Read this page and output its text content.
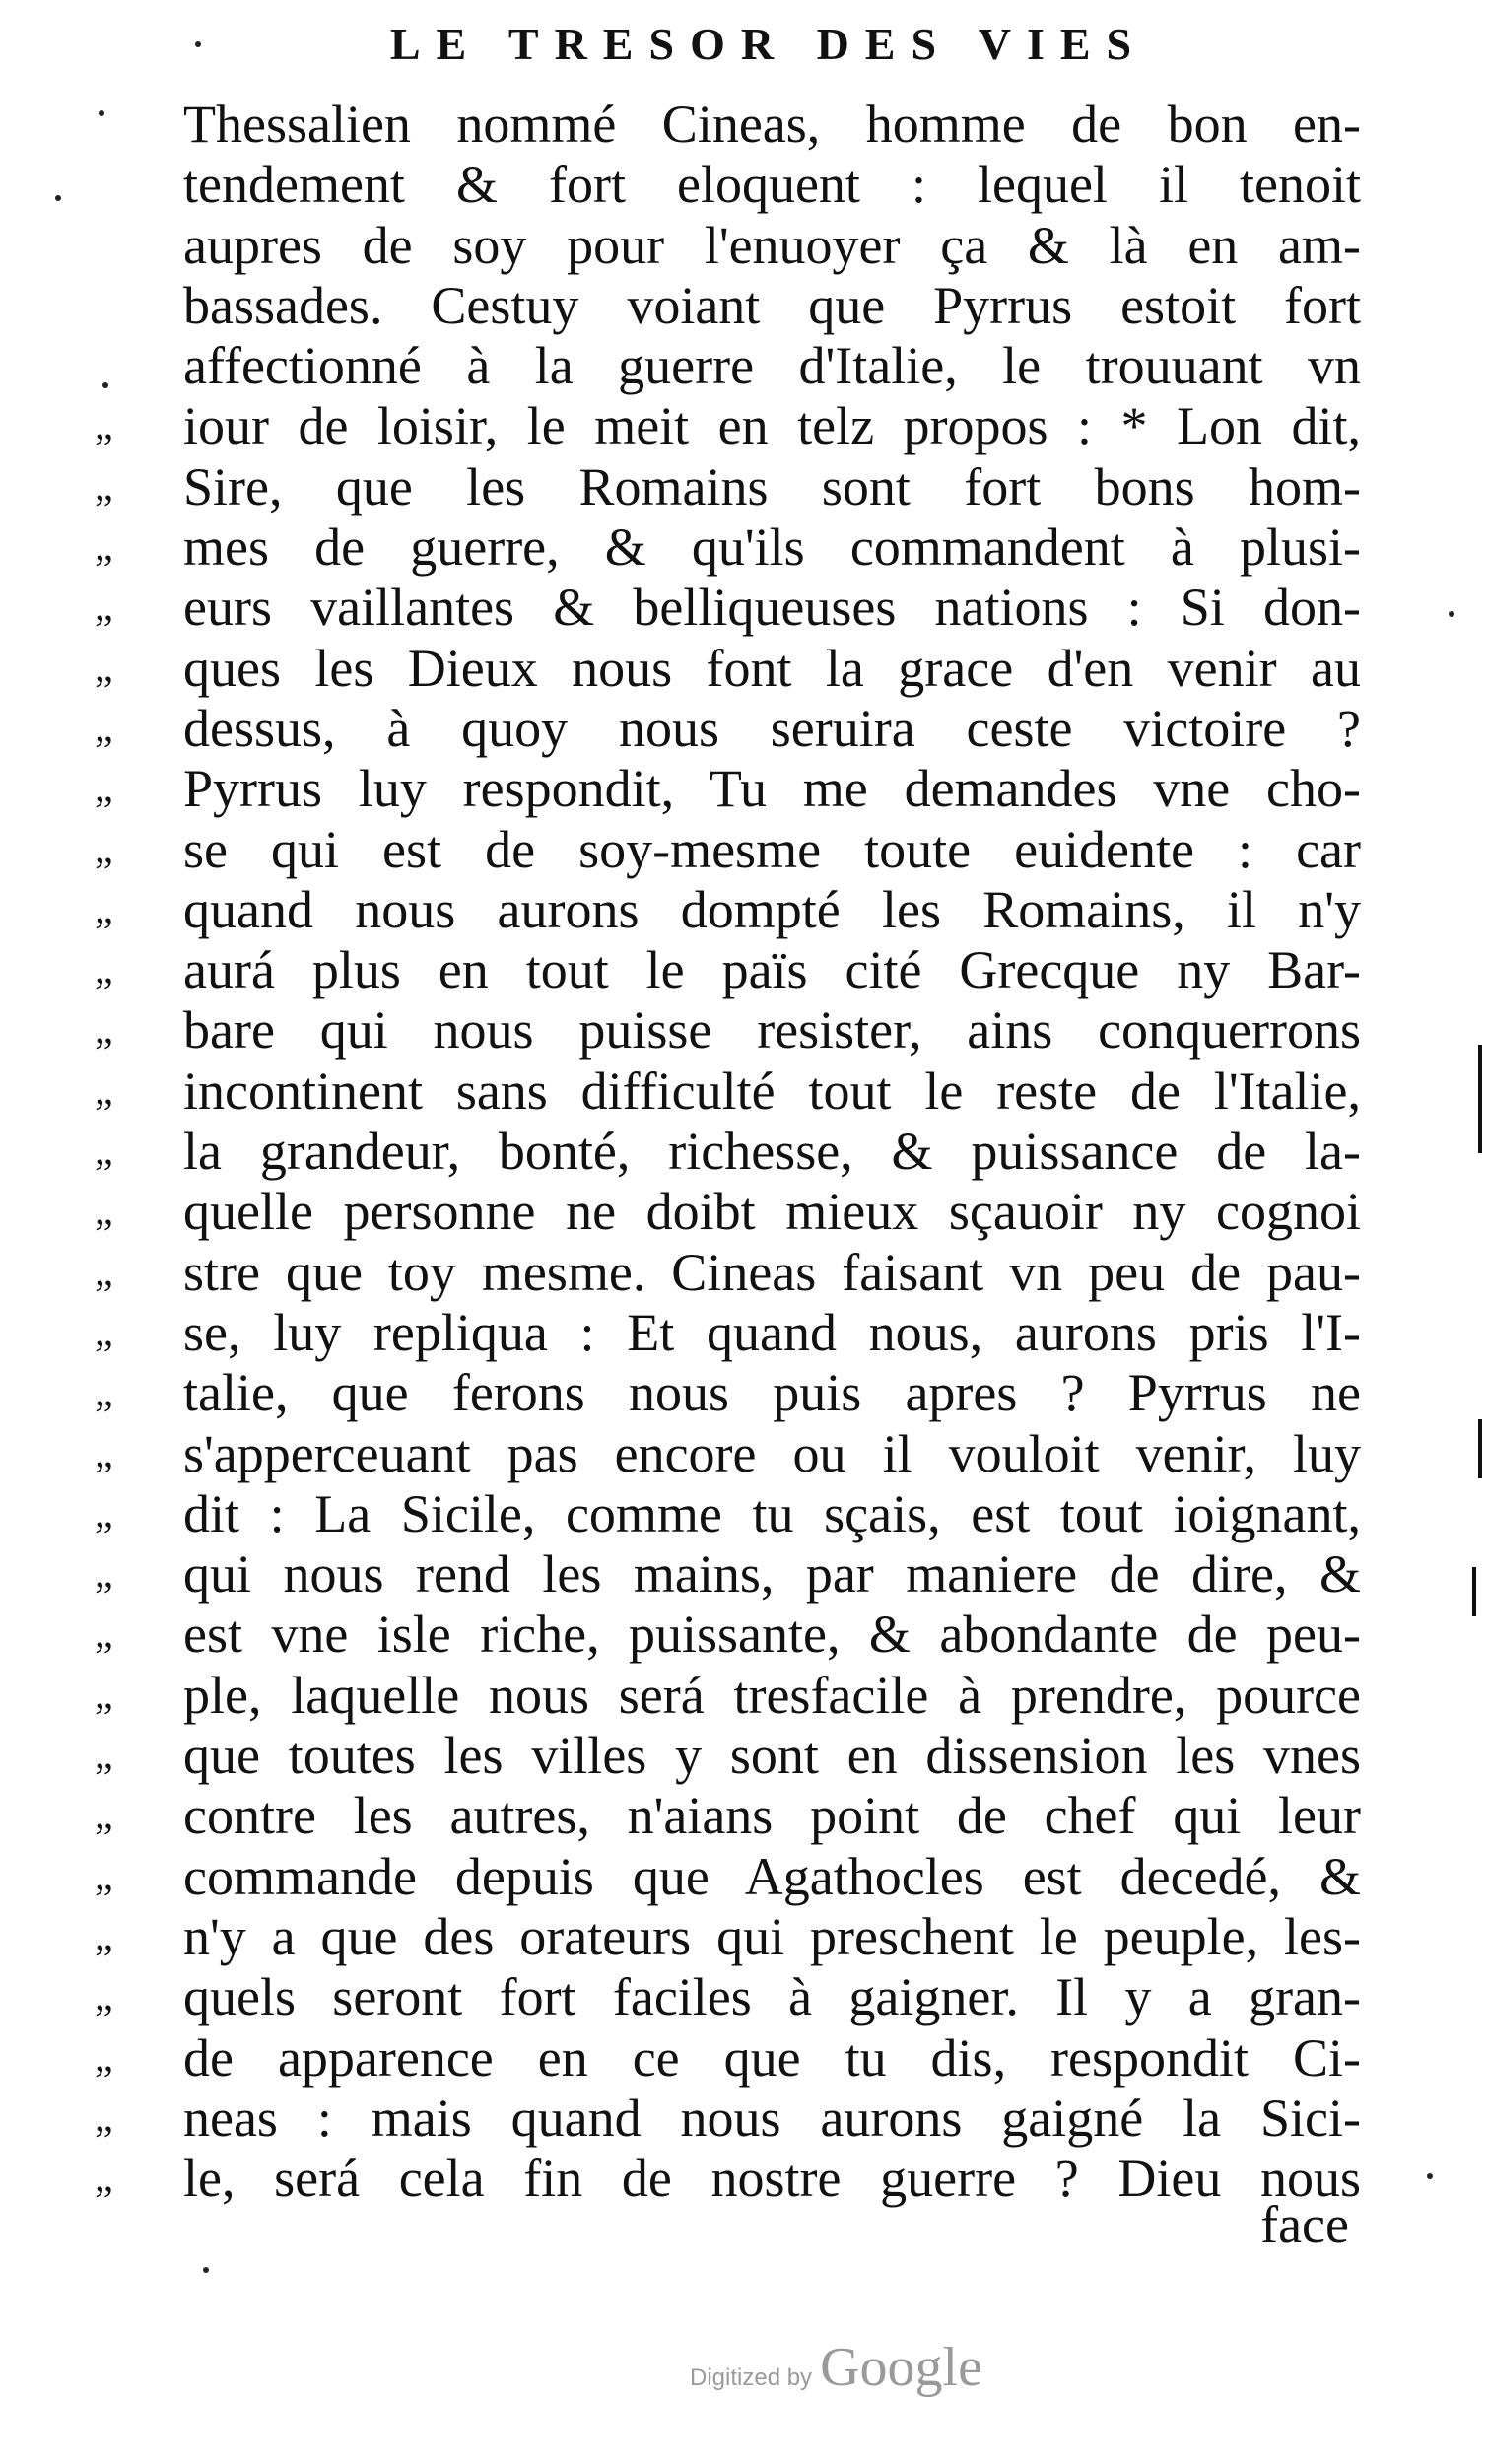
LE TRESOR DES VIES
Thessalien nommé Cineas, homme de bon en-
tendement & fort eloquent : lequel il tenoit
aupres de soy pour l'enuoyer ça & là en am-
bassades. Cestuy voiant que Pyrrus estoit fort
affectionné à la guerre d'Italie, le trouuant vn
„	iour de loisir, le meit en telz propos : * Lon dit,
„	Sire, que les Romains sont fort bons hom-
„	mes de guerre, & qu'ils commandent à plusi-
„	eurs vaillantes & belliqueuses nations : Si don-
„	ques les Dieux nous font la grace d'en venir au
„	dessus, à quoy nous seruira ceste victoire ?
„	Pyrrus luy respondit, Tu me demandes vne cho-
„	se qui est de soy-mesme toute euidente : car
„	quand nous aurons dompté les Romains, il n'y
„	aurá plus en tout le païs cité Grecque ny Bar-
„	bare qui nous puisse resister, ains conquerrons
„	incontinent sans difficulté tout le reste de l'Italie,
„	la grandeur, bonté, richesse, & puissance de la-
„	quelle personne ne doibt mieux sçauoir ny cognoi
„	stre que toy mesme. Cineas faisant vn peu de pau-
„	se, luy repliqua : Et quand nous, aurons pris l'I-
„	talie, que ferons nous puis apres ? Pyrrus ne
„	s'apperceuant pas encore ou il vouloit venir, luy
„	dit : La Sicile, comme tu sçais, est tout ioignant,
„	qui nous rend les mains, par maniere de dire, &
„	est vne isle riche, puissante, & abondante de peu-
„	ple, laquelle nous será tresfacile à prendre, pource
„	que toutes les villes y sont en dissension les vnes
„	contre les autres, n'aians point de chef qui leur
„	commande depuis que Agathocles est decedé, &
„	n'y a que des orateurs qui preschent le peuple, les-
„	quels seront fort faciles à gaigner. Il y a gran-
„	de apparence en ce que tu dis, respondit Ci-
„	neas : mais quand nous aurons gaigné la Sici-
„	le, será cela fin de nostre guerre ? Dieu nous
face
Digitized by Google
